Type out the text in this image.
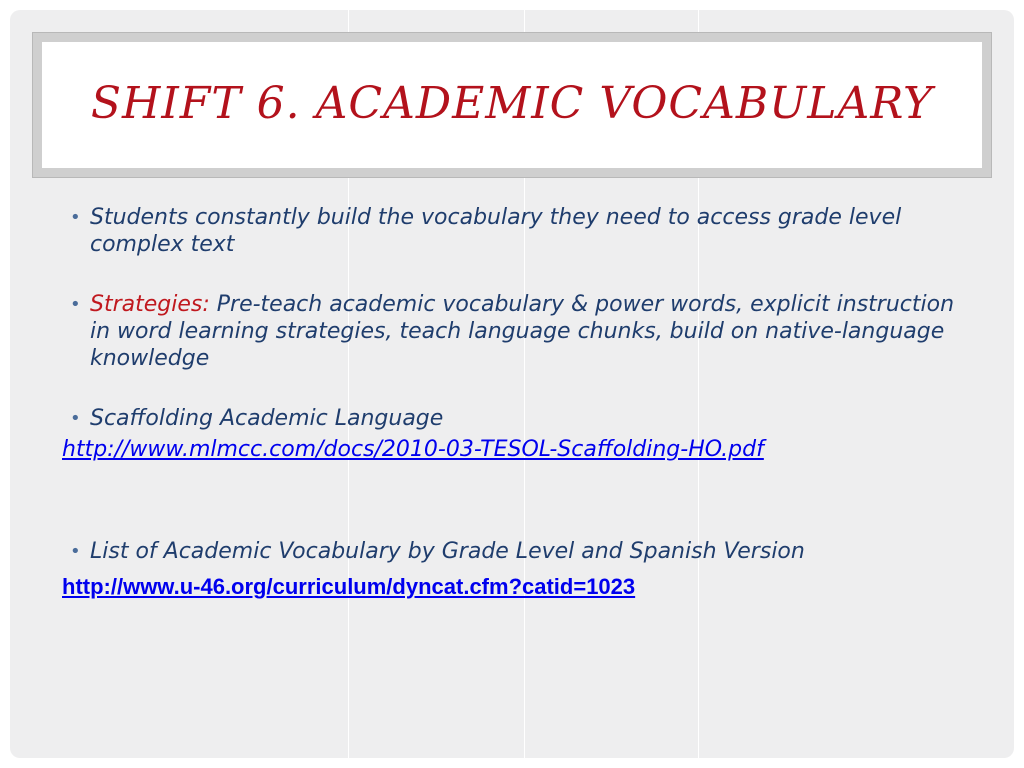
SHIFT 6. ACADEMIC VOCABULARY

• Students constantly build the vocabulary they need to access grade level complex text

• Strategies: Pre-teach academic vocabulary & power words, explicit instruction in word learning strategies, teach language chunks, build on native-language knowledge

• Scaffolding Academic Language

http://www.mlmcc.com/docs/2010-03-TESOL-Scaffolding-HO.pdf

• List of Academic Vocabulary by Grade Level and Spanish Version

http://www.u-46.org/curriculum/dyncat.cfm?catid=1023
